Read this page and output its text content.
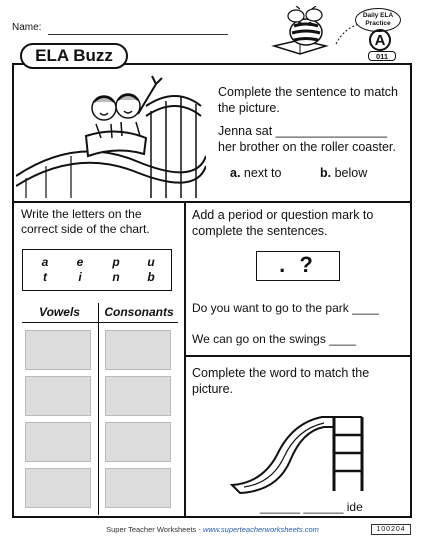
Name:
Daily ELA
Practice
A
011
ELA Buzz
Complete the sentence to match the picture.
Jenna sat ________________ her brother on the roller coaster.
a. next to	b. below
Write the letters on the correct side of the chart.
a	e	p	u
t	i	n	b
Vowels	Consonants
Add a period or question mark to complete the sentences.
. ?
Do you want to go to the park ____
We can go on the swings ____
Complete the word to match the picture.
______ ______ ide
Super Teacher Worksheets - www.superteacherworksheets.com	100204
